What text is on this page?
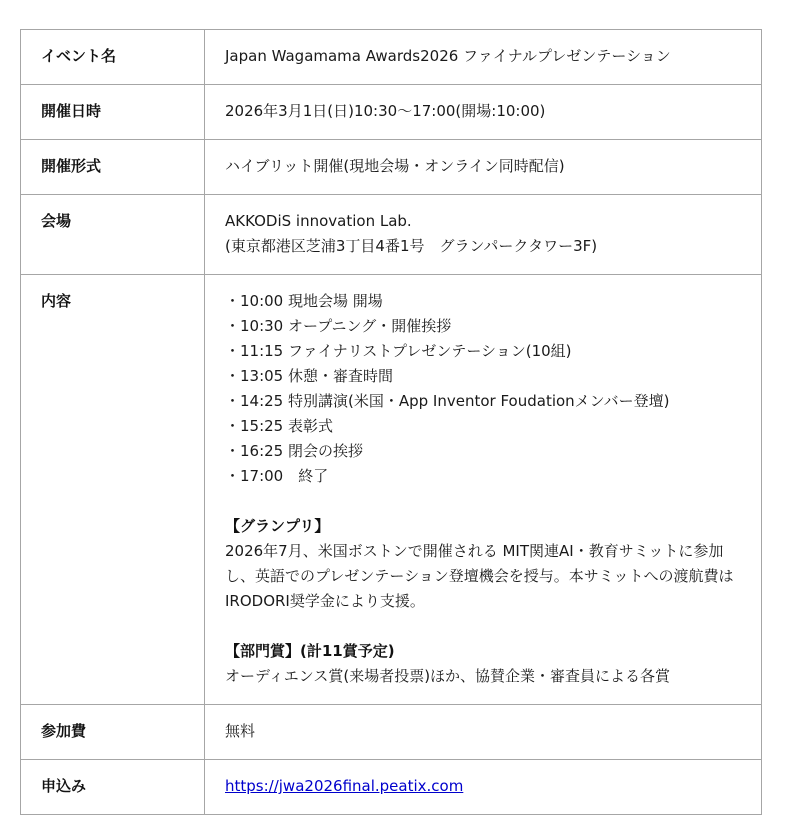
イベント名	Japan Wagamama Awards2026 ファイナルプレゼンテーション
開催日時	2026年3月1日(日)10:30〜17:00(開場:10:00)
開催形式	ハイブリット開催(現地会場・オンライン同時配信)
会場	AKKODiS innovation Lab.
(東京都港区芝浦3丁目4番1号　グランパークタワー3F)

内容	・10:00 現地会場 開場
・10:30 オープニング・開催挨拶
・11:15 ファイナリストプレゼンテーション(10組)
・13:05 休憩・審査時間
・14:25 特別講演(米国・App Inventor Foudationメンバー登壇)
・15:25 表彰式
・16:25 閉会の挨拶
・17:00　終了
【グランプリ】
2026年7月、米国ボストンで開催される MIT関連AI・教育サミットに参加し、英語でのプレゼンテーション登壇機会を授与。本サミットへの渡航費は IRODORI奨学金により支援。
【部門賞】(計11賞予定)
オーディエンス賞(来場者投票)ほか、協賛企業・審査員による各賞

参加費	無料
申込み	https://jwa2026final.peatix.com
